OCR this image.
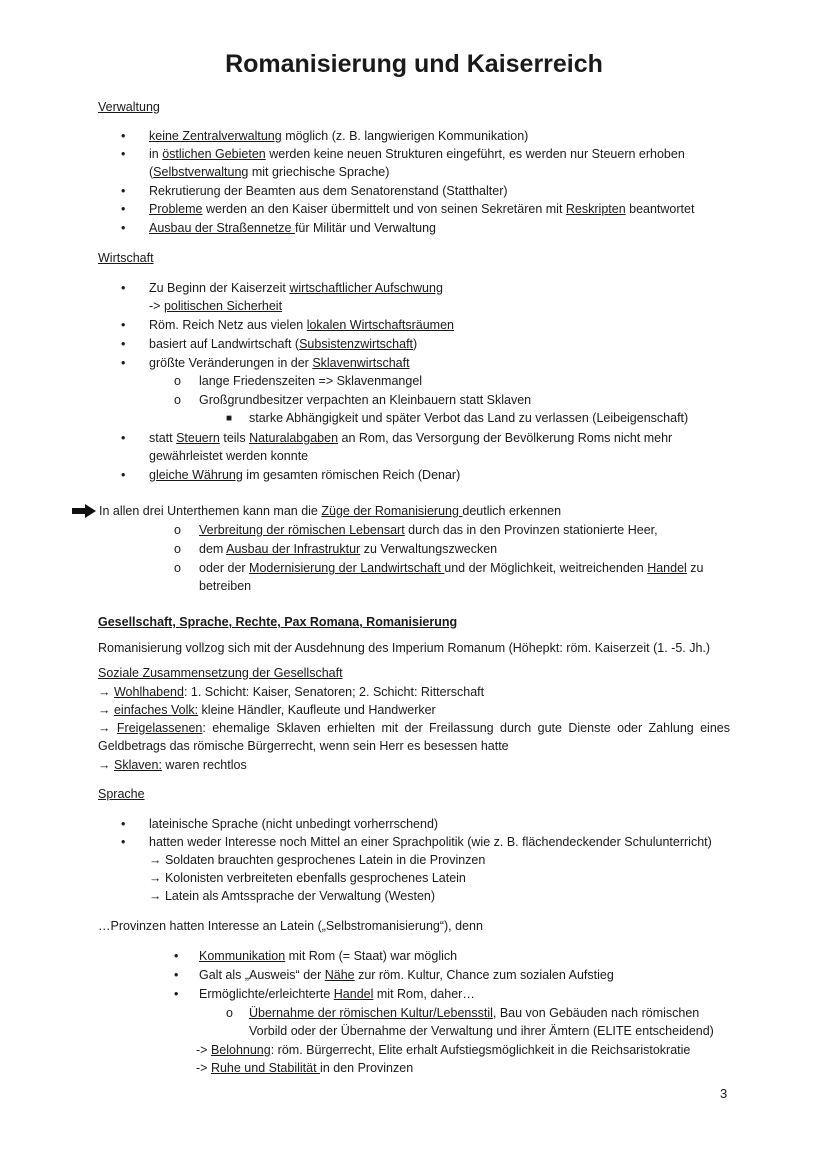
Romanisierung und Kaiserreich
Verwaltung
• keine Zentralverwaltung möglich (z. B. langwierigen Kommunikation)
• in östlichen Gebieten werden keine neuen Strukturen eingeführt, es werden nur Steuern erhoben
(Selbstverwaltung mit griechische Sprache)
• Rekrutierung der Beamten aus dem Senatorenstand (Statthalter)
• Probleme werden an den Kaiser übermittelt und von seinen Sekretären mit Reskripten beantwortet
• Ausbau der Straßennetze für Militär und Verwaltung
Wirtschaft
• Zu Beginn der Kaiserzeit wirtschaftlicher Aufschwung
-> politischen Sicherheit
• Röm. Reich Netz aus vielen lokalen Wirtschaftsräumen
• basiert auf Landwirtschaft (Subsistenzwirtschaft)
• größte Veränderungen in der Sklavenwirtschaft
o lange Friedenszeiten => Sklavenmangel
o Großgrundbesitzer verpachten an Kleinbauern statt Sklaven
■ starke Abhängigkeit und später Verbot das Land zu verlassen (Leibeigenschaft)
• statt Steuern teils Naturalabgaben an Rom, das Versorgung der Bevölkerung Roms nicht mehr
gewährleistet werden konnte
• gleiche Währung im gesamten römischen Reich (Denar)
In allen drei Unterthemen kann man die Züge der Romanisierung deutlich erkennen
o Verbreitung der römischen Lebensart durch das in den Provinzen stationierte Heer,
o dem Ausbau der Infrastruktur zu Verwaltungszwecken
o oder der Modernisierung der Landwirtschaft und der Möglichkeit, weitreichenden Handel zu
betreiben
Gesellschaft, Sprache, Rechte, Pax Romana, Romanisierung
Romanisierung vollzog sich mit der Ausdehnung des Imperium Romanum (Höhepkt: röm. Kaiserzeit (1. -5. Jh.)
Soziale Zusammensetzung der Gesellschaft
→ Wohlhabend: 1. Schicht: Kaiser, Senatoren; 2. Schicht: Ritterschaft
→ einfaches Volk: kleine Händler, Kaufleute und Handwerker
→ Freigelassenen: ehemalige Sklaven erhielten mit der Freilassung durch gute Dienste oder Zahlung eines
Geldbetrags das römische Bürgerrecht, wenn sein Herr es besessen hatte
→ Sklaven: waren rechtlos
Sprache
• lateinische Sprache (nicht unbedingt vorherrschend)
• hatten weder Interesse noch Mittel an einer Sprachpolitik (wie z. B. flächendeckender Schulunterricht)
→ Soldaten brauchten gesprochenes Latein in die Provinzen
→ Kolonisten verbreiteten ebenfalls gesprochenes Latein
→ Latein als Amtssprache der Verwaltung (Westen)
…Provinzen hatten Interesse an Latein („Selbstromanisierung“), denn
• Kommunikation mit Rom (= Staat) war möglich
• Galt als „Ausweis“ der Nähe zur röm. Kultur, Chance zum sozialen Aufstieg
• Ermöglichte/erleichterte Handel mit Rom, daher…
o Übernahme der römischen Kultur/Lebensstil, Bau von Gebäuden nach römischen
Vorbild oder der Übernahme der Verwaltung und ihrer Ämtern (ELITE entscheidend)
-> Belohnung: röm. Bürgerrecht, Elite erhalt Aufstiegsmöglichkeit in die Reichsaristokratie
-> Ruhe und Stabilität in den Provinzen
3
